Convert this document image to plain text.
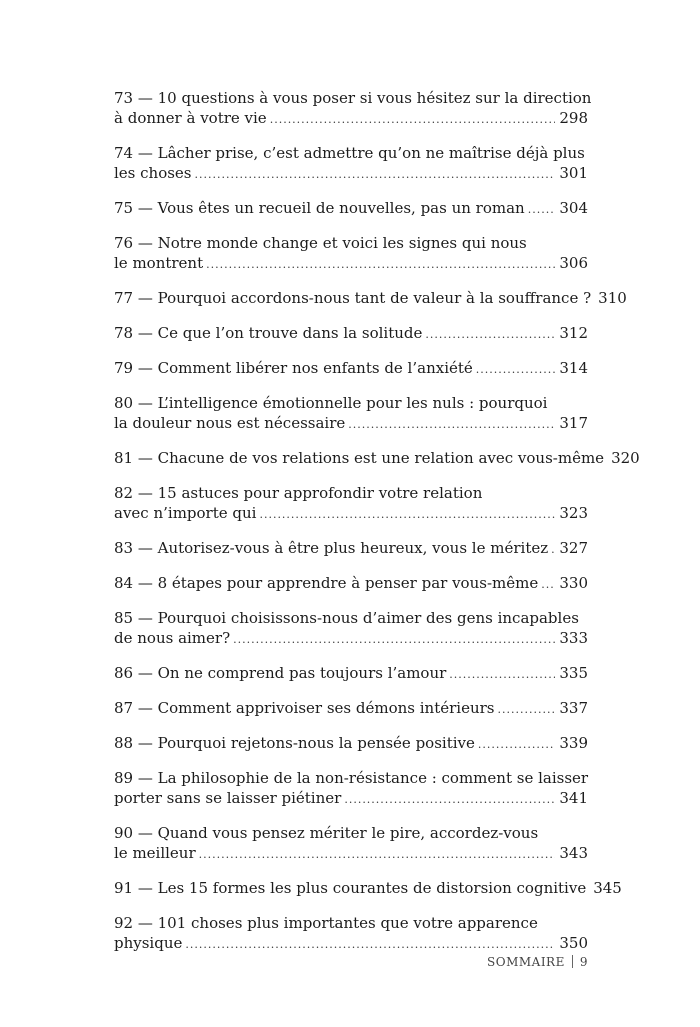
73 — 10 questions à vous poser si vous hésitez sur la direction
à donner à votre vie .....	298
74 — Lâcher prise, c’est admettre qu’on ne maîtrise déjà plus
les choses .....	301
75 — Vous êtes un recueil de nouvelles, pas un roman ..... 304
76 — Notre monde change et voici les signes qui nous
le montrent .....	306
77 — Pourquoi accordons-nous tant de valeur à la souffrance ? 310
78 — Ce que l’on trouve dans la solitude .....	312
79 — Comment libérer nos enfants de l’anxiété .....	314
80 — L’intelligence émotionnelle pour les nuls : pourquoi
la douleur nous est nécessaire .....	317
81 — Chacune de vos relations est une relation avec vous-même 320
82 — 15 astuces pour approfondir votre relation
avec n’importe qui .....	323
83 — Autorisez-vous à être plus heureux, vous le méritez ..... 327
84 — 8 étapes pour apprendre à penser par vous-même ..... 330
85 — Pourquoi choisissons-nous d’aimer des gens incapables
de nous aimer? .....	333
86 — On ne comprend pas toujours l’amour .....	335
87 — Comment apprivoiser ses démons intérieurs .....	337
88 — Pourquoi rejetons-nous la pensée positive .....	339
89 — La philosophie de la non-résistance : comment se laisser
porter sans se laisser piétiner .....	341
90 — Quand vous pensez mériter le pire, accordez-vous
le meilleur .....	343
91 — Les 15 formes les plus courantes de distorsion cognitive 345
92 — 101 choses plus importantes que votre apparence
physique .....	350
SOMMAIRE 9
